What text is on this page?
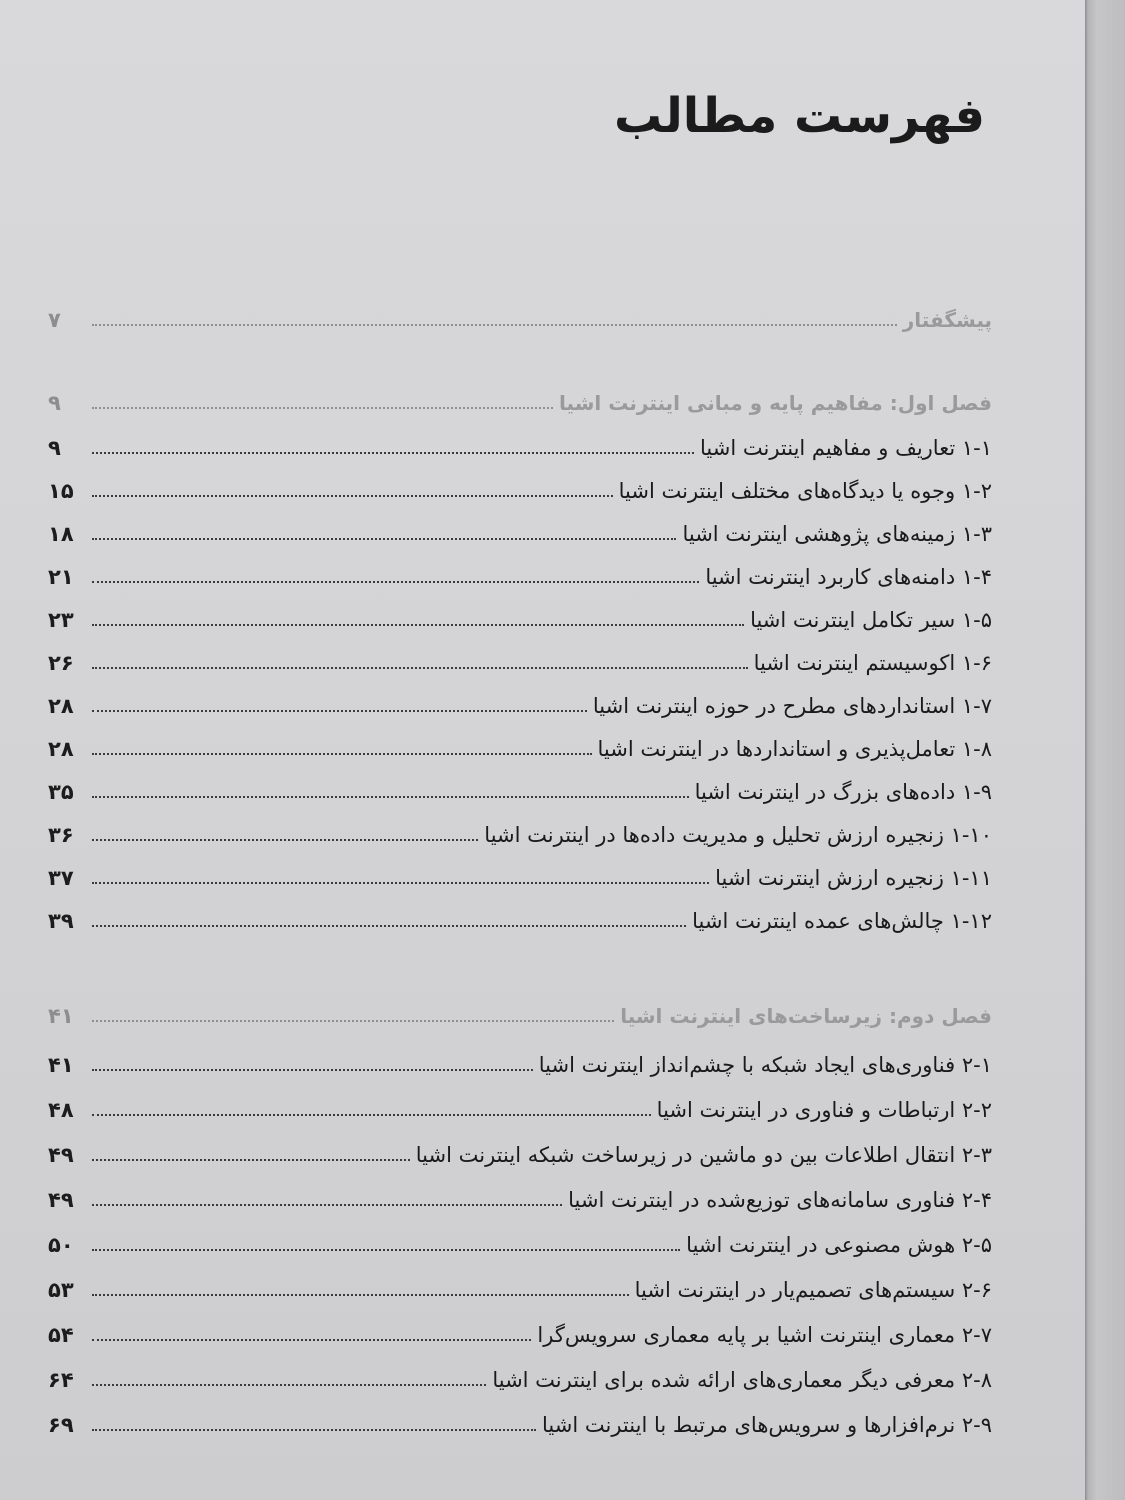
فهرست مطالب
۷	پیشگفتار
۹	فصل اول: مفاهیم پایه و مبانی اینترنت اشیا
۹	۱-۱ تعاریف و مفاهیم اینترنت اشیا
۱۵	۱-۲ وجوه یا دیدگاه‌های مختلف اینترنت اشیا
۱۸	۱-۳ زمینه‌های پژوهشی اینترنت اشیا
۲۱	۱-۴ دامنه‌های کاربرد اینترنت اشیا
۲۳	۱-۵ سیر تکامل اینترنت اشیا
۲۶	۱-۶ اکوسیستم اینترنت اشیا
۲۸	۱-۷ استانداردهای مطرح در حوزه اینترنت اشیا
۲۸	۱-۸ تعامل‌پذیری و استانداردها در اینترنت اشیا
۳۵	۱-۹ داده‌های بزرگ در اینترنت اشیا
۳۶	۱-۱۰ زنجیره ارزش تحلیل و مدیریت داده‌ها در اینترنت اشیا
۳۷	۱-۱۱ زنجیره ارزش اینترنت اشیا
۳۹	۱-۱۲ چالش‌های عمده اینترنت اشیا
۴۱	فصل دوم: زیرساخت‌های اینترنت اشیا
۴۱	۲-۱ فناوری‌های ایجاد شبکه با چشم‌انداز اینترنت اشیا
۴۸	۲-۲ ارتباطات و فناوری در اینترنت اشیا
۴۹	۲-۳ انتقال اطلاعات بین دو ماشین در زیرساخت شبکه اینترنت اشیا
۴۹	۲-۴ فناوری سامانه‌های توزیع‌شده در اینترنت اشیا
۵۰	۲-۵ هوش مصنوعی در اینترنت اشیا
۵۳	۲-۶ سیستم‌های تصمیم‌یار در اینترنت اشیا
۵۴	۲-۷ معماری اینترنت اشیا بر پایه معماری سرویس‌گرا
۶۴	۲-۸ معرفی دیگر معماری‌های ارائه شده برای اینترنت اشیا
۶۹	۲-۹ نرم‌افزارها و سرویس‌های مرتبط با اینترنت اشیا
